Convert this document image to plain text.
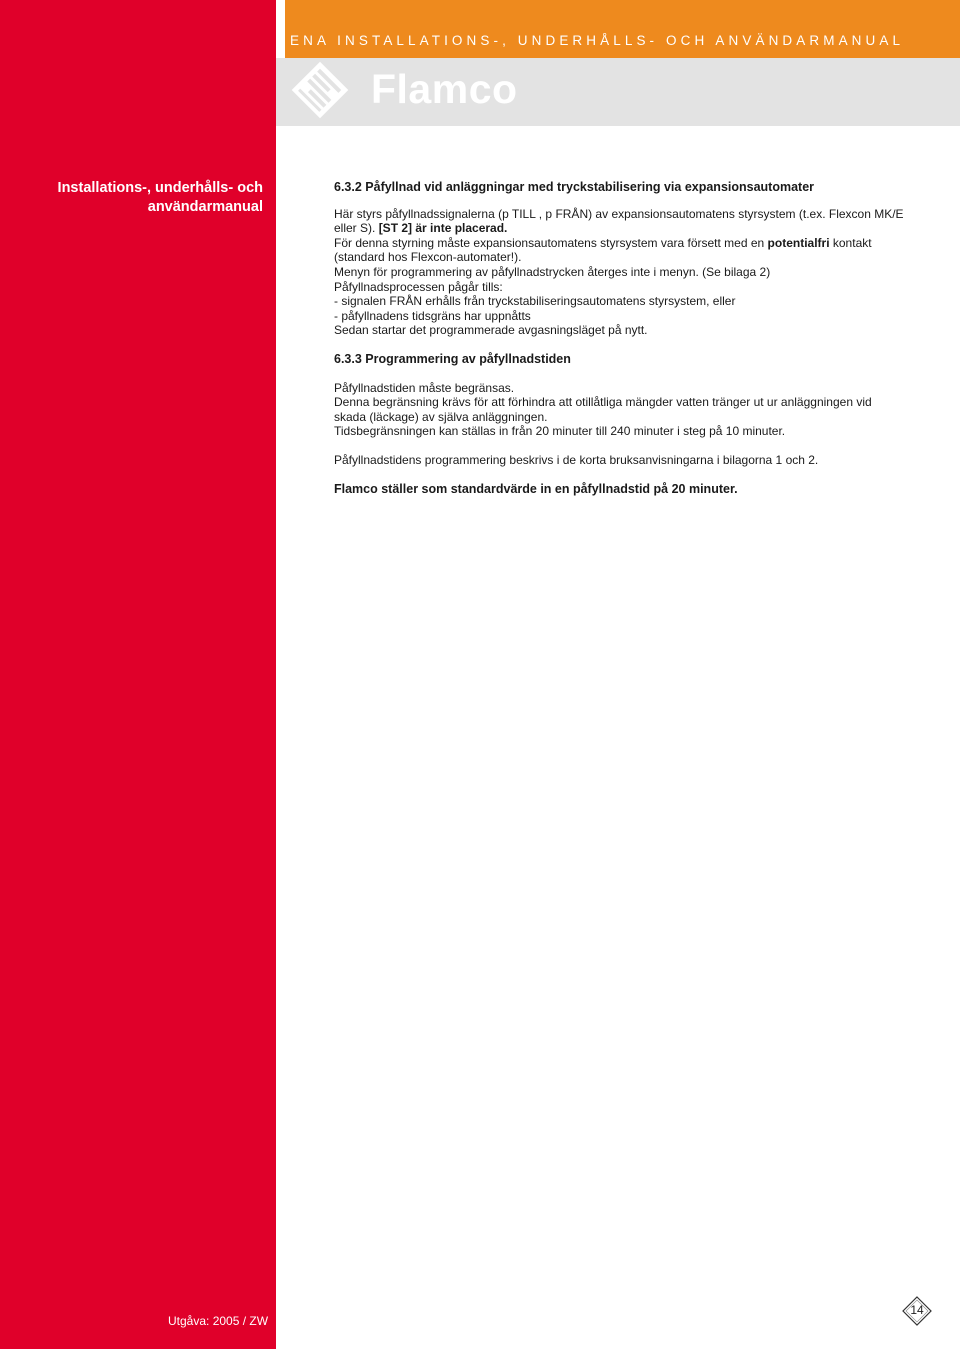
ENA INSTALLATIONS-, UNDERHÅLLS- OCH ANVÄNDARMANUAL
Flamco
Installations-, underhålls- och
användarmanual

6.3.2 Påfyllnad vid anläggningar med tryckstabilisering via expansionsautomater

Här styrs påfyllnadssignalerna (p TILL , p FRÅN) av expansionsautomatens styrsystem (t.ex. Flexcon MK/E eller S). [ST 2] är inte placerad.

För denna styrning måste expansionsautomatens styrsystem vara försett med en potentialfri kontakt (standard hos Flexcon-automater!).

Menyn för programmering av påfyllnadstrycken återges inte i menyn. (Se bilaga 2)

Påfyllnadsprocessen pågår tills:

- signalen FRÅN erhålls från tryckstabiliseringsautomatens styrsystem, eller

- påfyllnadens tidsgräns har uppnåtts

Sedan startar det programmerade avgasningsläget på nytt.

6.3.3 Programmering av påfyllnadstiden

Påfyllnadstiden måste begränsas.

Denna begränsning krävs för att förhindra att otillåtliga mängder vatten tränger ut ur anläggningen vid skada (läckage) av själva anläggningen.

Tidsbegränsningen kan ställas in från 20 minuter till 240 minuter i steg på 10 minuter.

Påfyllnadstidens programmering beskrivs i de korta bruksanvisningarna i bilagorna 1 och 2.

Flamco ställer som standardvärde in en påfyllnadstid på 20 minuter.

Utgåva: 2005 / ZW
14
